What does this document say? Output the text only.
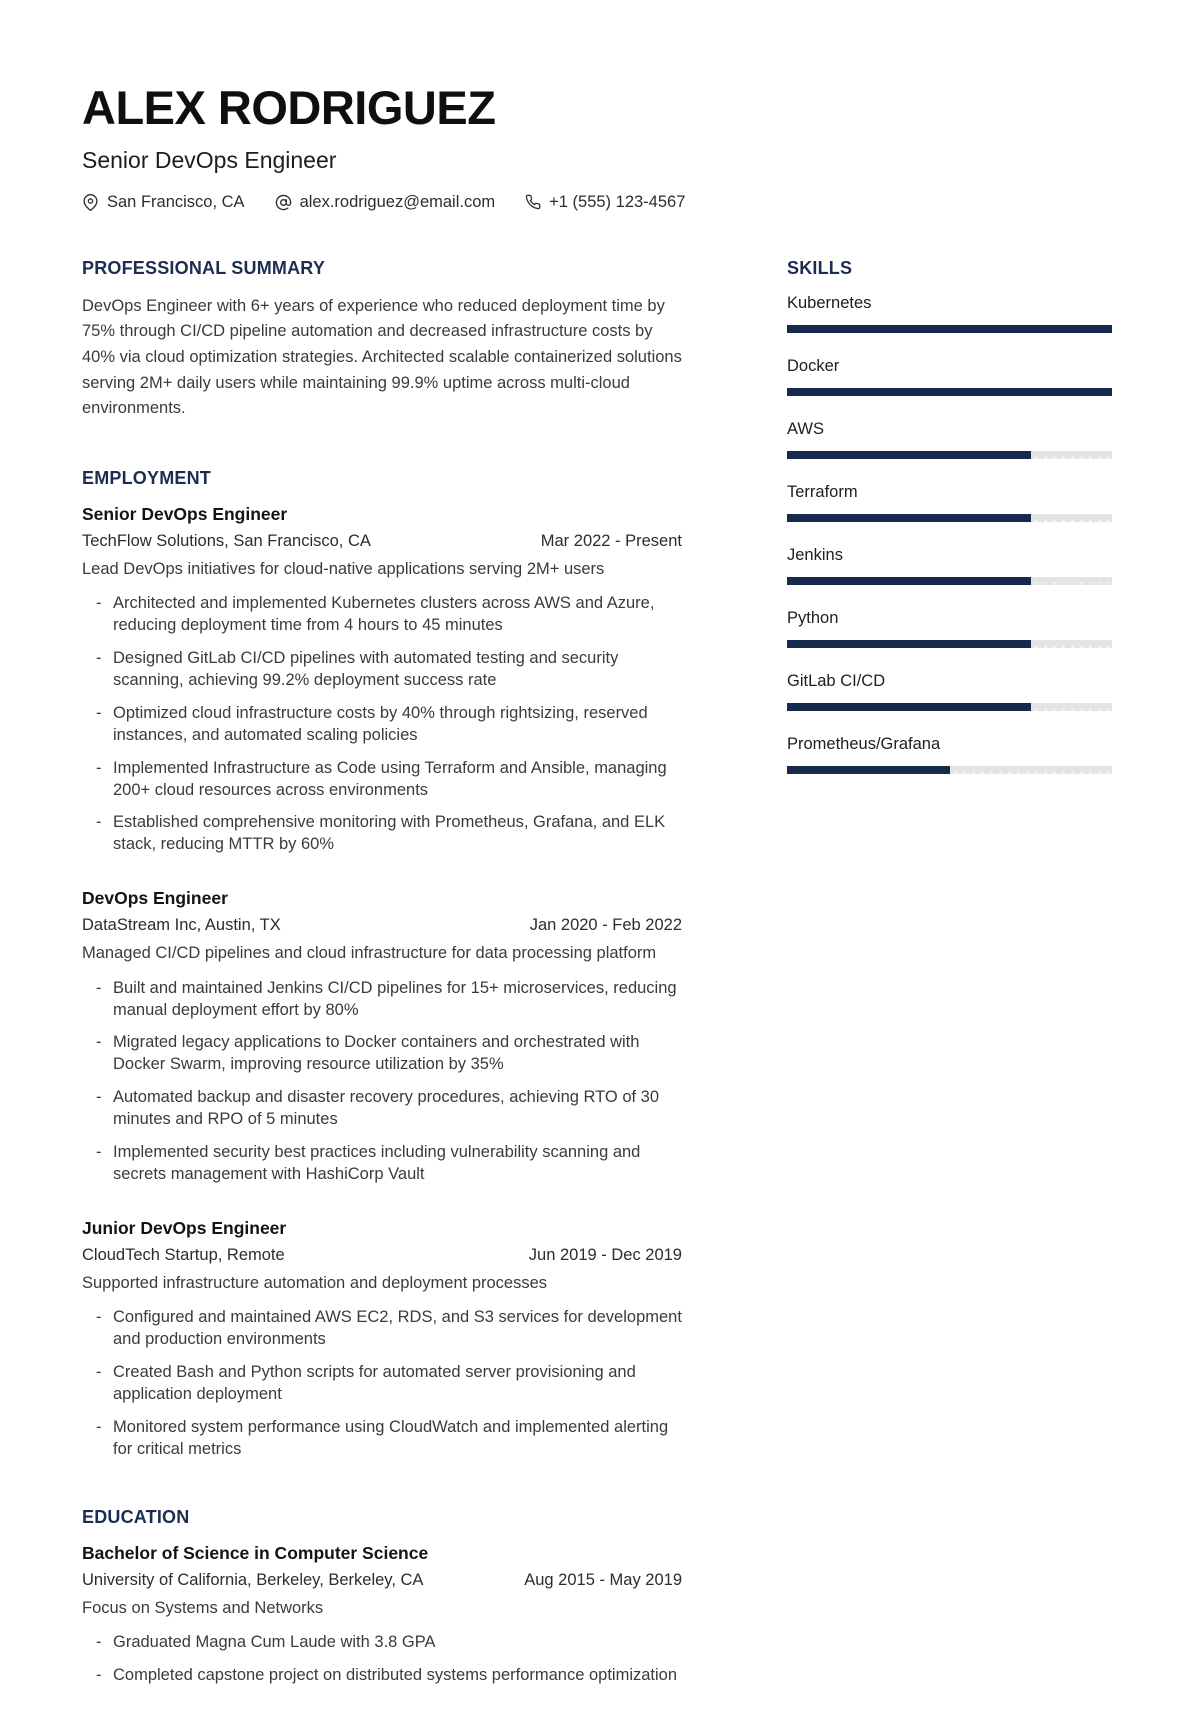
ALEX RODRIGUEZ
Senior DevOps Engineer
San Francisco, CA	alex.rodriguez@email.com	+1 (555) 123-4567
PROFESSIONAL SUMMARY
DevOps Engineer with 6+ years of experience who reduced deployment time by 75% through CI/CD pipeline automation and decreased infrastructure costs by 40% via cloud optimization strategies. Architected scalable containerized solutions serving 2M+ daily users while maintaining 99.9% uptime across multi-cloud environments.
EMPLOYMENT
Senior DevOps Engineer
TechFlow Solutions, San Francisco, CA	Mar 2022 - Present
Lead DevOps initiatives for cloud-native applications serving 2M+ users
- Architected and implemented Kubernetes clusters across AWS and Azure, reducing deployment time from 4 hours to 45 minutes
- Designed GitLab CI/CD pipelines with automated testing and security scanning, achieving 99.2% deployment success rate
- Optimized cloud infrastructure costs by 40% through rightsizing, reserved instances, and automated scaling policies
- Implemented Infrastructure as Code using Terraform and Ansible, managing 200+ cloud resources across environments
- Established comprehensive monitoring with Prometheus, Grafana, and ELK stack, reducing MTTR by 60%
DevOps Engineer
DataStream Inc, Austin, TX	Jan 2020 - Feb 2022
Managed CI/CD pipelines and cloud infrastructure for data processing platform
- Built and maintained Jenkins CI/CD pipelines for 15+ microservices, reducing manual deployment effort by 80%
- Migrated legacy applications to Docker containers and orchestrated with Docker Swarm, improving resource utilization by 35%
- Automated backup and disaster recovery procedures, achieving RTO of 30 minutes and RPO of 5 minutes
- Implemented security best practices including vulnerability scanning and secrets management with HashiCorp Vault
Junior DevOps Engineer
CloudTech Startup, Remote	Jun 2019 - Dec 2019
Supported infrastructure automation and deployment processes
- Configured and maintained AWS EC2, RDS, and S3 services for development and production environments
- Created Bash and Python scripts for automated server provisioning and application deployment
- Monitored system performance using CloudWatch and implemented alerting for critical metrics
EDUCATION
Bachelor of Science in Computer Science
University of California, Berkeley, Berkeley, CA	Aug 2015 - May 2019
Focus on Systems and Networks
- Graduated Magna Cum Laude with 3.8 GPA
- Completed capstone project on distributed systems performance optimization
SKILLS
Kubernetes
Docker
AWS
Terraform
Jenkins
Python
GitLab CI/CD
Prometheus/Grafana
